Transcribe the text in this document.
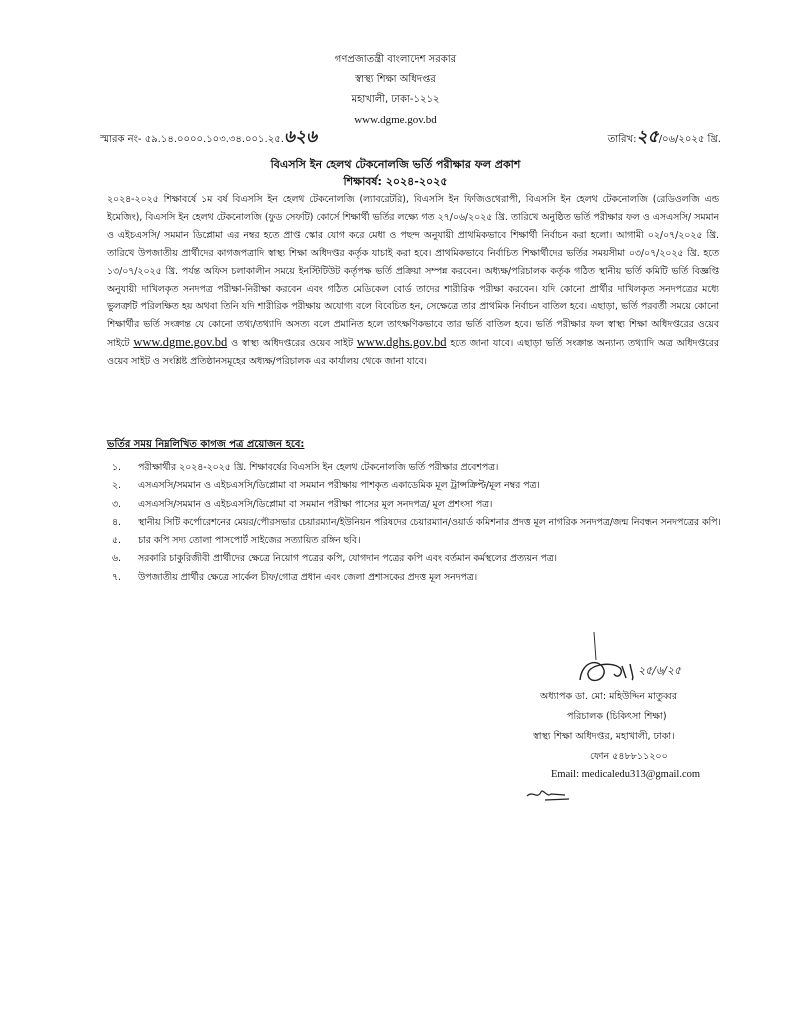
গণপ্রজাতন্ত্রী বাংলাদেশ সরকার
স্বাস্থ্য শিক্ষা অধিদপ্তর
মহাখালী, ঢাকা-১২১২
www.dgme.gov.bd
স্মারক নং- ৫৯.১৪.০০০০.১০৩.৩৪.০০১.২৫.৬২৬	তারিখ:২৫/০৬/২০২৫ খ্রি.
বিএসসি ইন হেলথ টেকনোলজি ভর্তি পরীক্ষার ফল প্রকাশ
শিক্ষাবর্ষ: ২০২৪-২০২৫
২০২৪-২০২৫ শিক্ষাবর্ষে ১ম বর্ষ বিএসসি ইন হেলথ টেকনোলজি (ল্যাবরেটরি), বিএসসি ইন ফিজিওথেরাপী, বিএসসি ইন হেলথ টেকনোলজি (রেডিওলজি এন্ড ইমেজিং), বিএসসি ইন হেলথ টেকনোলজি (ফুড সেফটি) কোর্সে শিক্ষার্থী ভর্তির লক্ষ্যে গত ২৭/০৬/২০২৫ খ্রি. তারিখে অনুষ্ঠিত ভর্তি পরীক্ষার ফল ও এসএসসি/ সমমান ও এইচএসসি/ সমমান ডিপ্লোমা এর নম্বর হতে প্রাপ্ত স্কোর যোগ করে মেধা ও পছন্দ অনুযায়ী প্রাথমিকভাবে শিক্ষার্থী নির্বাচন করা হলো। আগামী ০২/০৭/২০২৫ খ্রি. তারিখে উপজাতীয় প্রার্থীদের কাগজপত্রাদি স্বাস্থ্য শিক্ষা অধিদপ্তর কর্তৃক যাচাই করা হবে। প্রাথমিকভাবে নির্বাচিত শিক্ষার্থীদের ভর্তির সময়সীমা ০৩/০৭/২০২৫ খ্রি. হতে ১৩/০৭/২০২৫ খ্রি. পর্যন্ত অফিস চলাকালীন সময়ে ইনস্টিটিউট কর্তৃপক্ষ ভর্তি প্রক্রিয়া সম্পন্ন করবেন। অধ্যক্ষ/পরিচালক কর্তৃক গঠিত স্থানীয় ভর্তি কমিটি ভর্তি বিজ্ঞপ্তি অনুযায়ী দাখিলকৃত সনদপত্র পরীক্ষা-নিরীক্ষা করবেন এবং গঠিত মেডিকেল বোর্ড তাদের শারীরিক পরীক্ষা করবেন। যদি কোনো প্রার্থীর দাখিলকৃত সনদপত্রের মধ্যে ভুলত্রুটি পরিলক্ষিত হয় অথবা তিনি যদি শারীরিক পরীক্ষায় অযোগ্য বলে বিবেচিত হন, সেক্ষেত্রে তার প্রাথমিক নির্বাচন বাতিল হবে। এছাড়া, ভর্তি পরবর্তী সময়ে কোনো শিক্ষার্থীর ভর্তি সংক্রান্ত যে কোনো তথ্য/তথ্যাদি অসত্য বলে প্রমানিত হলে তাৎক্ষণিকভাবে তার ভর্তি বাতিল হবে। ভর্তি পরীক্ষার ফল স্বাস্থ্য শিক্ষা অধিদপ্তরের ওয়েব সাইটে www.dgme.gov.bd ও স্বাস্থ্য অধিদপ্তরের ওয়েব সাইট www.dghs.gov.bd হতে জানা যাবে। এছাড়া ভর্তি সংক্রান্ত অন্যান্য তথ্যাদি অত্র অধিদপ্তরের ওয়েব সাইট ও সংশ্লিষ্ট প্রতিষ্ঠানসমূহের অধ্যক্ষ/পরিচালক এর কার্যালয় থেকে জানা যাবে।
ভর্তির সময় নিম্নলিখিত কাগজ পত্র প্রয়োজন হবে:
১.	পরীক্ষার্থীর ২০২৪-২০২৫ খ্রি. শিক্ষাবর্ষের বিএসসি ইন হেলথ টেকনোলজি ভর্তি পরীক্ষার প্রবেশপত্র।
২.	এসএসসি/সমমান ও এইচএসসি/ডিপ্লোমা বা সমমান পরীক্ষায় পাশকৃত একাডেমিক মূল ট্রান্সক্রিপ্ট/মূল নম্বর পত্র।
৩.	এসএসসি/সমমান ও এইচএসসি/ডিপ্লোমা বা সমমান পরীক্ষা পাসের মূল সনদপত্র/ মূল প্রশংসা পত্র।
৪.	স্থানীয় সিটি কর্পোরেশনের মেয়র/পৌরসভার চেয়ারম্যান/ইউনিয়ন পরিষদের চেয়ারম্যান/ওয়ার্ড কমিশনার প্রদত্ত মূল নাগরিক সনদপত্র/জন্ম নিবন্ধন সনদপত্রের কপি।
৫.	চার কপি সদ্য তোলা পাসপোর্ট সাইজের সত্যায়িত রঙ্গিন ছবি।
৬.	সরকারি চাকুরিজীবী প্রার্থীদের ক্ষেত্রে নিয়োগ পত্রের কপি, যোগদান পত্রের কপি এবং বর্তমান কর্মস্থলের প্রত্যয়ন পত্র।
৭.	উপজাতীয় প্রার্থীর ক্ষেত্রে সার্কেল চীফ/গোত্র প্রধান এবং জেলা প্রশাসকের প্রদত্ত মূল সনদপত্র।
২৫/৬/২৫
অধ্যাপক ডা. মো: মহিউদ্দিন মাতুব্বর
পরিচালক (চিকিৎসা শিক্ষা)
স্বাস্থ্য শিক্ষা অধিদপ্তর, মহাখালী, ঢাকা।
ফোন ৫৪৮৮১১২০০
Email: medicaledu313@gmail.com
